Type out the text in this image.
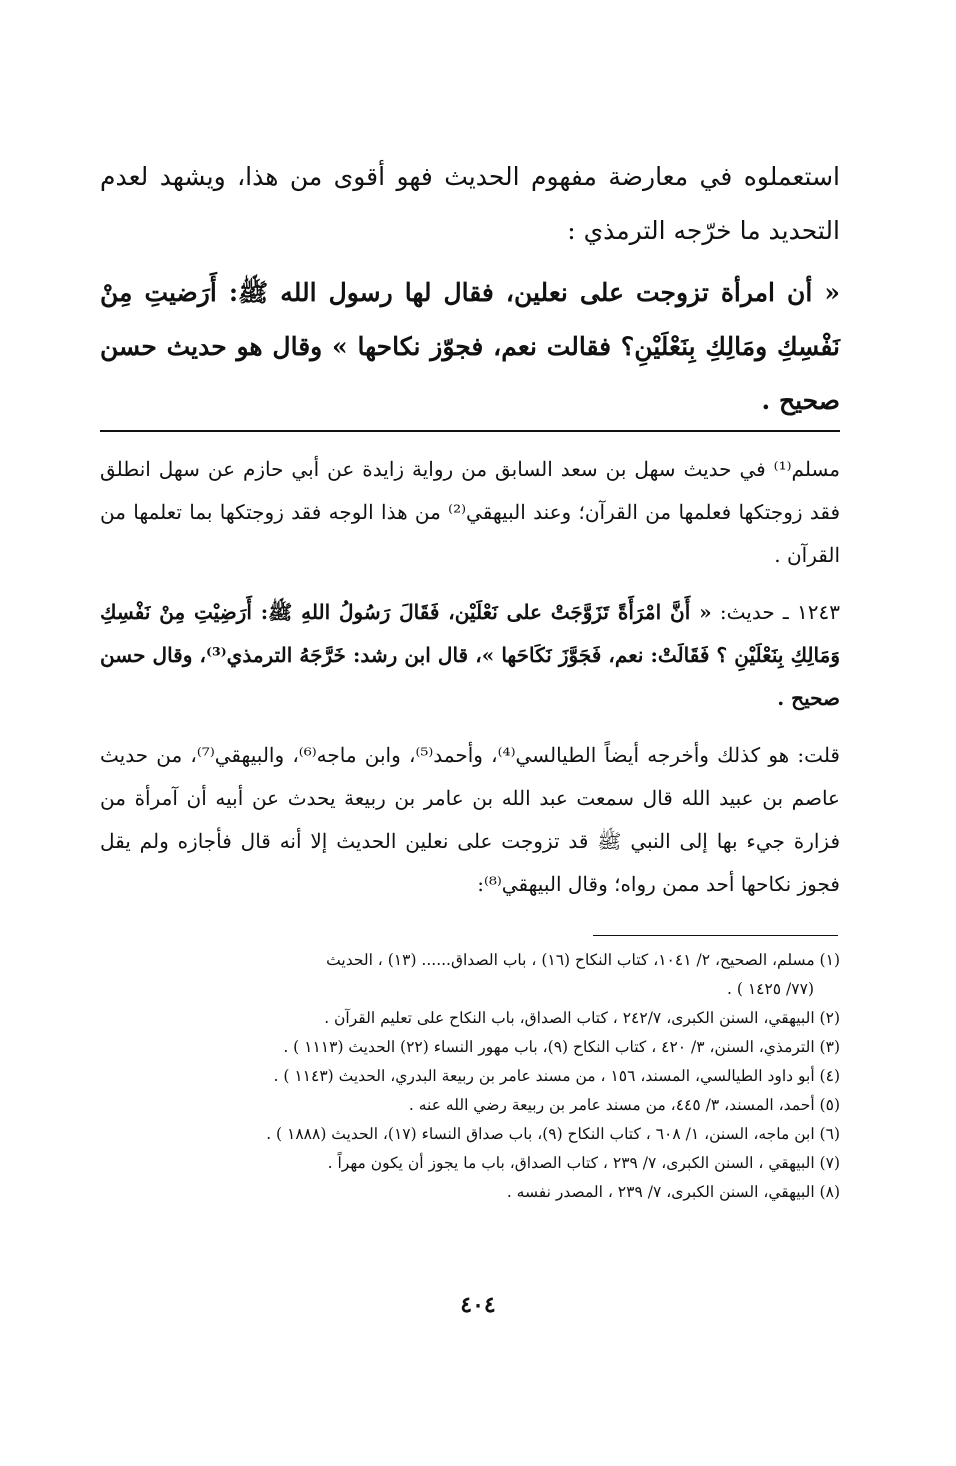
استعملوه في معارضة مفهوم الحديث فهو أقوى من هذا، ويشهد لعدم التحديد ما خرّجه الترمذي :

« أن امرأة تزوجت على نعلين، فقال لها رسول الله ﷺ: أَرَضيتِ مِنْ نَفْسِكِ ومَالِكِ بِنَعْلَيْنِ؟ فقالت نعم، فجوّز نكاحها » وقال هو حديث حسن صحيح .

مسلم⁽¹⁾ في حديث سهل بن سعد السابق من رواية زايدة عن أبي حازم عن سهل انطلق فقد زوجتكها فعلمها من القرآن؛ وعند البيهقي⁽²⁾ من هذا الوجه فقد زوجتكها بما تعلمها من القرآن .

١٢٤٣ ـ حديث: « أَنَّ امْرَأَةً تَزَوَّجَتْ على نَعْلَيْن، فَقَالَ رَسُولُ اللهِ ﷺ: أَرَضِيْتِ مِنْ نَفْسِكِ وَمَالِكِ بِنَعْلَيْنِ ؟ فَقَالَتْ: نعم، فَجَوَّزَ نَكَاحَها »، قال ابن رشد: خَرَّجَهُ الترمذي⁽³⁾، وقال حسن صحيح .

قلت: هو كذلك وأخرجه أيضاً الطيالسي⁽⁴⁾، وأحمد⁽⁵⁾، وابن ماجه⁽⁶⁾، والبيهقي⁽⁷⁾، من حديث عاصم بن عبيد الله قال سمعت عبد الله بن عامر بن ربيعة يحدث عن أبيه أن آمرأة من فزارة جيء بها إلى النبي ﷺ قد تزوجت على نعلين الحديث إلا أنه قال فأجازه ولم يقل فجوز نكاحها أحد ممن رواه؛ وقال البيهقي⁽⁸⁾:

(١) مسلم، الصحيح، ٢/ ١٠٤١، كتاب النكاح (١٦) ، باب الصداق...... (١٣) ، الحديث

(٧٧/ ١٤٢٥ ) .

(٢) البيهقي، السنن الكبرى، ٢٤٢/٧ ، كتاب الصداق، باب النكاح على تعليم القرآن .

(٣) الترمذي، السنن، ٣/ ٤٢٠ ، كتاب النكاح (٩)، باب مهور النساء (٢٢) الحديث (١١١٣ ) .

(٤) أبو داود الطيالسي، المسند، ١٥٦ ، من مسند عامر بن ربيعة البدري، الحديث (١١٤٣ ) .

(٥) أحمد، المسند، ٣/ ٤٤٥، من مسند عامر بن ربيعة رضي الله عنه .

(٦) ابن ماجه، السنن، ١/ ٦٠٨ ، كتاب النكاح (٩)، باب صداق النساء (١٧)، الحديث (١٨٨٨ ) .

(٧) البيهقي ، السنن الكبرى، ٧/ ٢٣٩ ، كتاب الصداق، باب ما يجوز أن يكون مهراً .

(٨) البيهقي، السنن الكبرى، ٧/ ٢٣٩ ، المصدر نفسه .

٤٠٤
